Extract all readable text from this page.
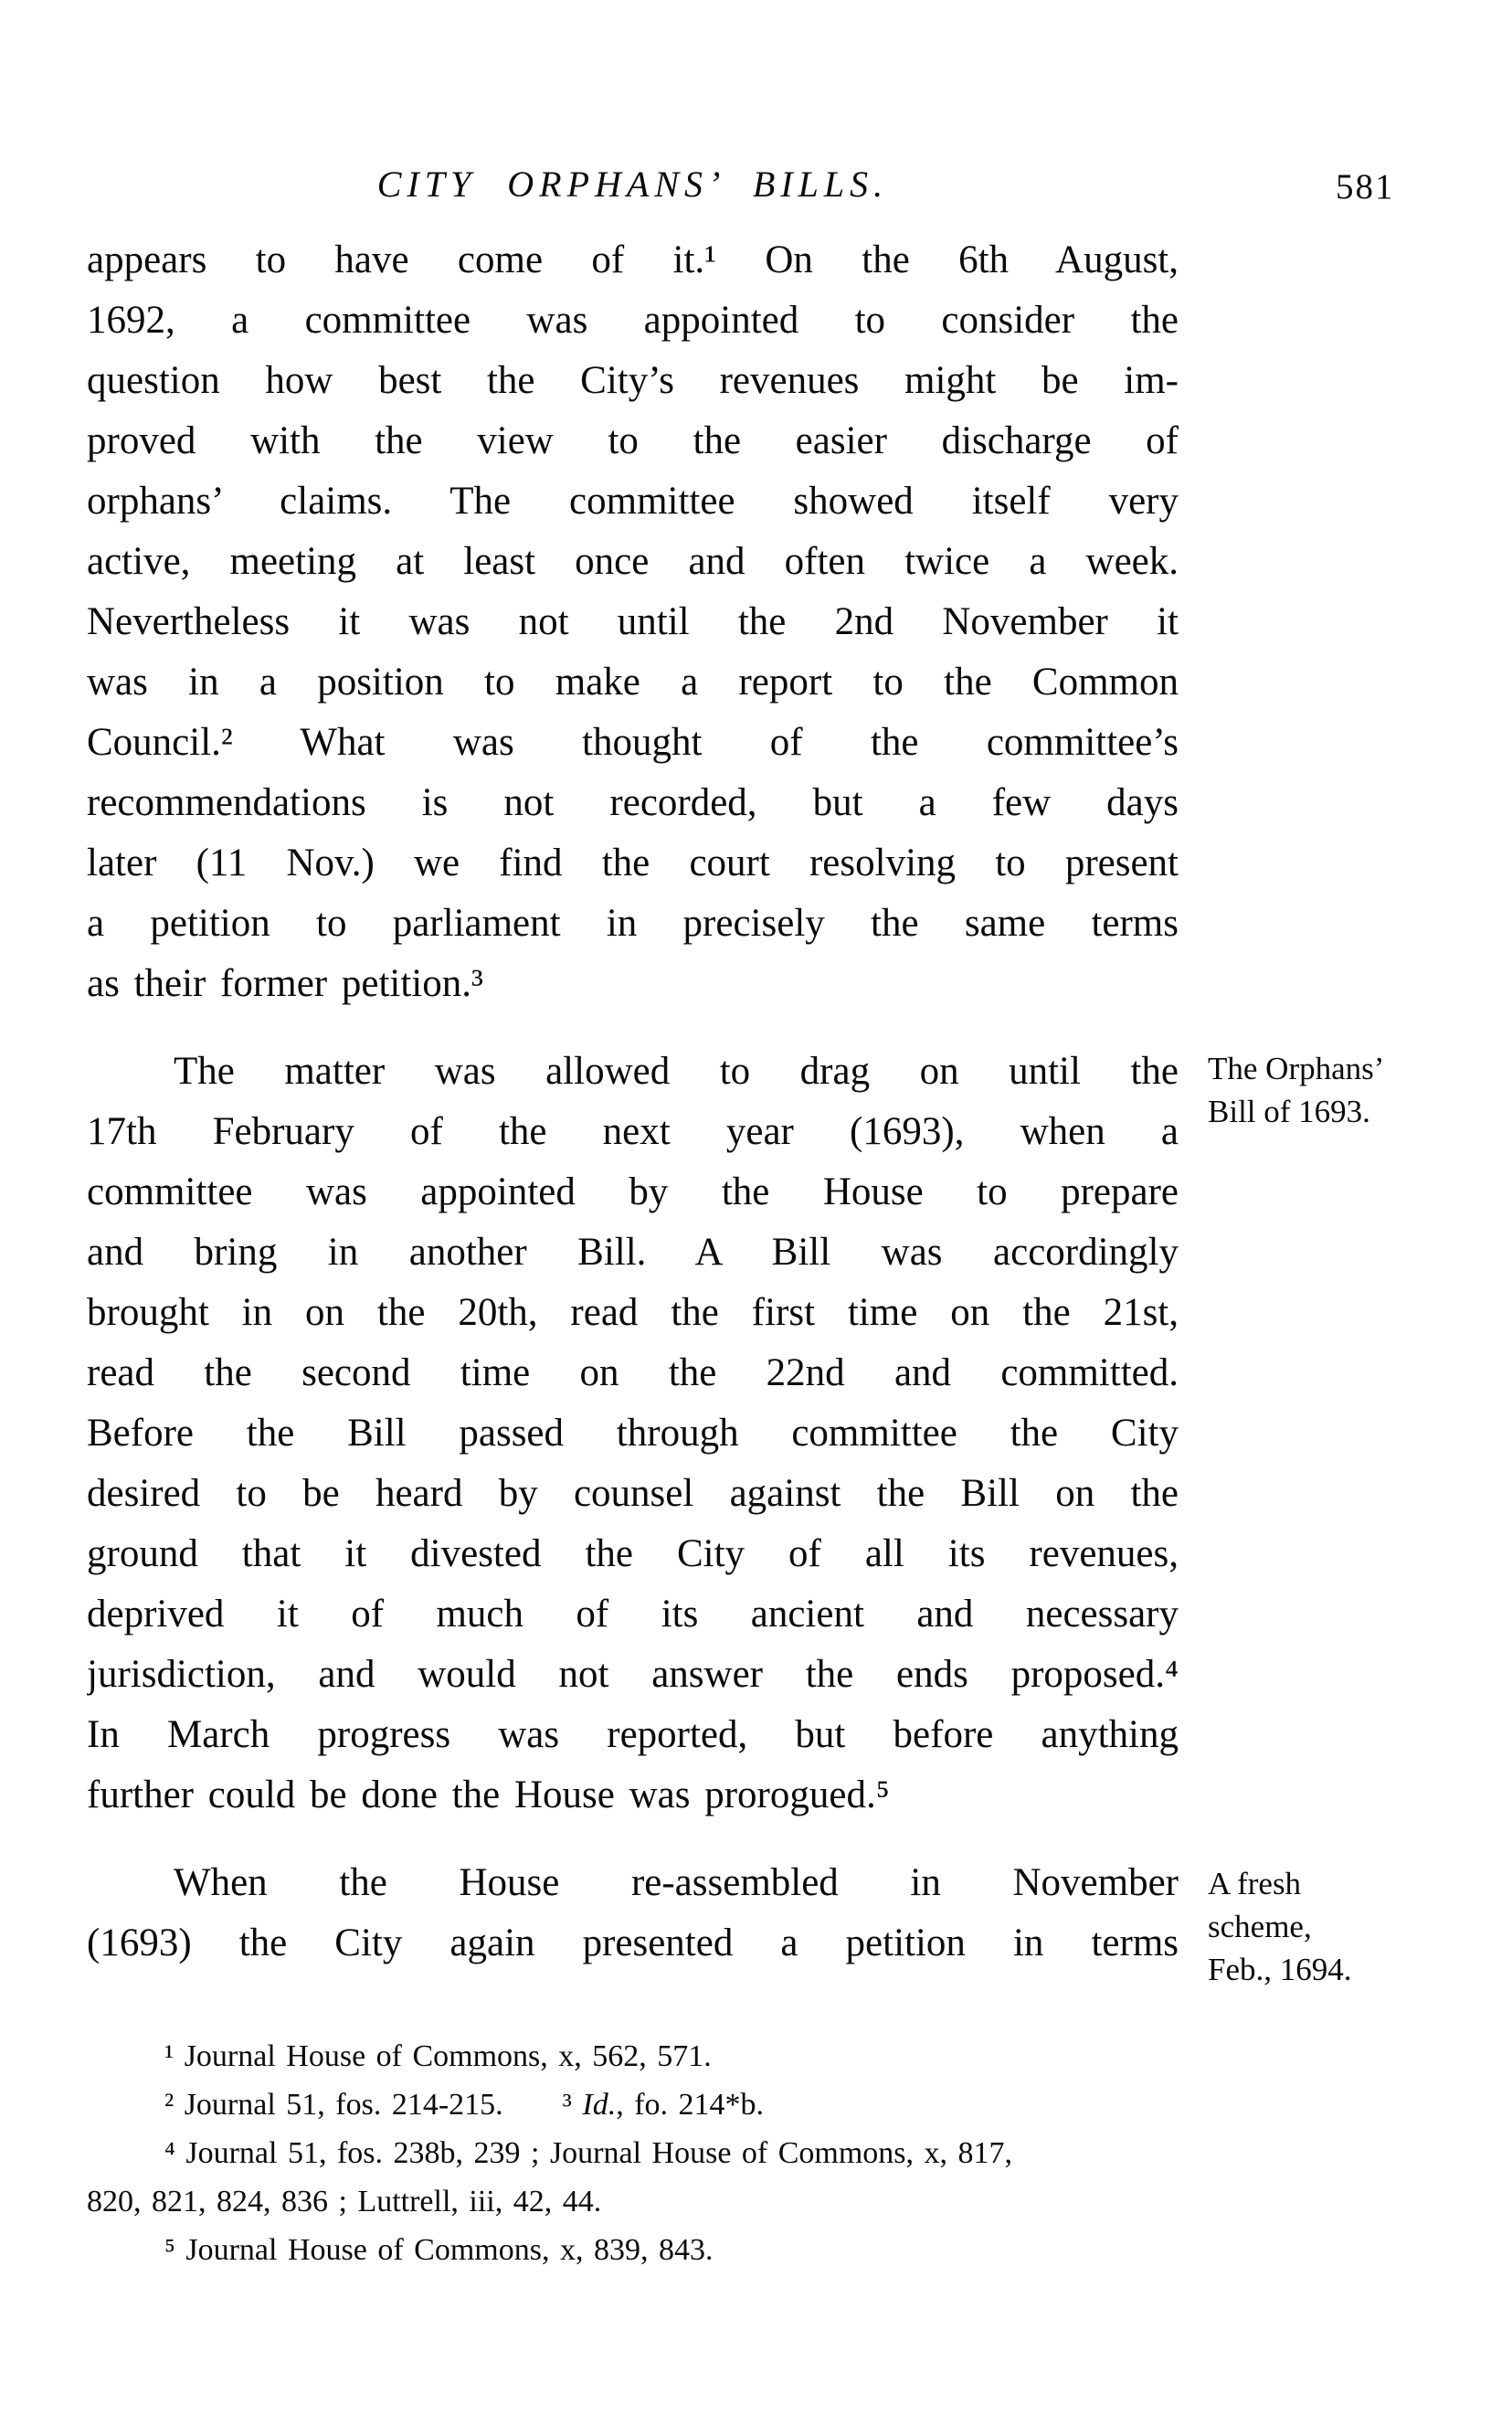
CITY ORPHANS’ BILLS.	581
appears to have come of it.¹ On the 6th August,
1692, a committee was appointed to consider the
question how best the City’s revenues might be im-
proved with the view to the easier discharge of
orphans’ claims. The committee showed itself very
active, meeting at least once and often twice a week.
Nevertheless it was not until the 2nd November it
was in a position to make a report to the Common
Council.² What was thought of the committee’s
recommendations is not recorded, but a few days
later (11 Nov.) we find the court resolving to present
a petition to parliament in precisely the same terms
as their former petition.³
The matter was allowed to drag on until the
17th February of the next year (1693), when a
committee was appointed by the House to prepare
and bring in another Bill. A Bill was accordingly
brought in on the 20th, read the first time on the 21st,
read the second time on the 22nd and committed.
Before the Bill passed through committee the City
desired to be heard by counsel against the Bill on the
ground that it divested the City of all its revenues,
deprived it of much of its ancient and necessary
jurisdiction, and would not answer the ends proposed.⁴
In March progress was reported, but before anything
further could be done the House was prorogued.⁵
When the House re-assembled in November
(1693) the City again presented a petition in terms
The Orphans’
Bill of 1693.
A fresh
scheme,
Feb., 1694.
¹ Journal House of Commons, x, 562, 571.
² Journal 51, fos. 214-215. ³ Id., fo. 214*b.
⁴ Journal 51, fos. 238b, 239 ; Journal House of Commons, x, 817,
820, 821, 824, 836 ; Luttrell, iii, 42, 44.
⁵ Journal House of Commons, x, 839, 843.
